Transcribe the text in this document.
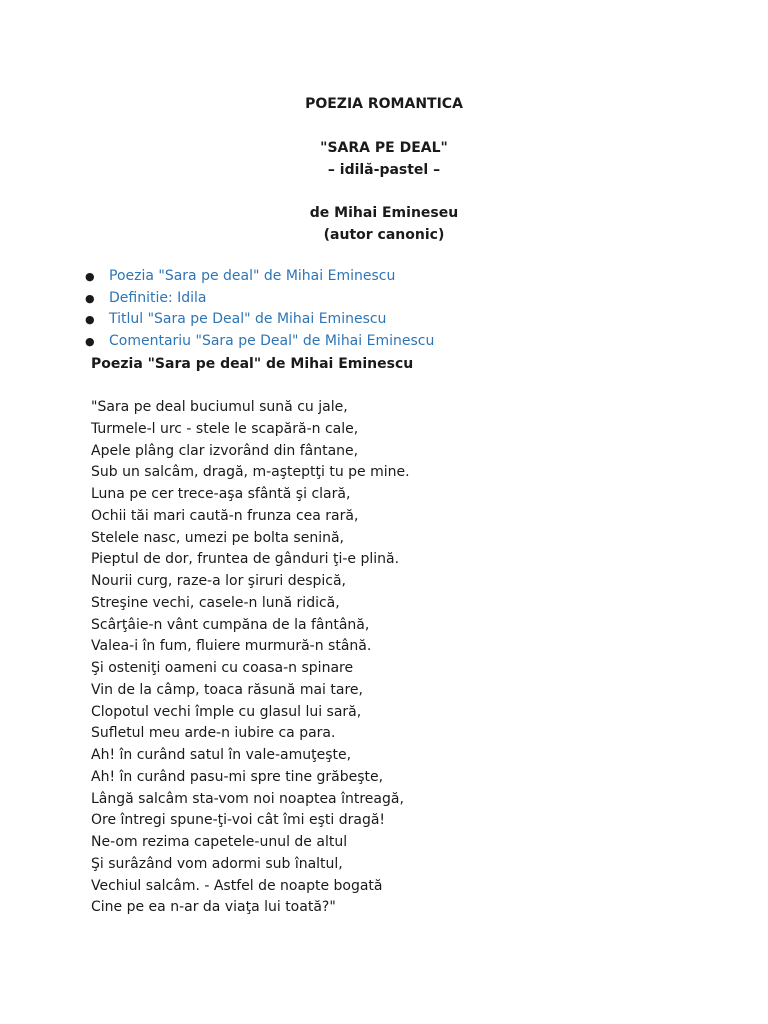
POEZIA ROMANTICA
"SARA PE DEAL"
– idilă-pastel –
de Mihai Emineseu
(autor canonic)
● Poezia "Sara pe deal" de Mihai Eminescu
● Definitie: Idila
● Titlul "Sara pe Deal" de Mihai Eminescu
● Comentariu "Sara pe Deal" de Mihai Eminescu
Poezia "Sara pe deal" de Mihai Eminescu
"Sara pe deal buciumul sună cu jale,
Turmele-l urc - stele le scapără-n cale,
Apele plâng clar izvorând din fântane,
Sub un salcâm, dragă, m-aşteptţi tu pe mine.
Luna pe cer trece-aşa sfântă şi clară,
Ochii tăi mari caută-n frunza cea rară,
Stelele nasc, umezi pe bolta senină,
Pieptul de dor, fruntea de gânduri ţi-e plină.
Nourii curg, raze-a lor şiruri despică,
Streşine vechi, casele-n lună ridică,
Scârţâie-n vânt cumpăna de la fântână,
Valea-i în fum, fluiere murmură-n stână.
Şi osteniţi oameni cu coasa-n spinare
Vin de la câmp, toaca răsună mai tare,
Clopotul vechi împle cu glasul lui sară,
Sufletul meu arde-n iubire ca para.
Ah! în curând satul în vale-amuţeşte,
Ah! în curând pasu-mi spre tine grăbeşte,
Lângă salcâm sta-vom noi noaptea întreagă,
Ore întregi spune-ţi-voi cât îmi eşti dragă!
Ne-om rezima capetele-unul de altul
Şi surâzând vom adormi sub înaltul,
Vechiul salcâm. - Astfel de noapte bogată
Cine pe ea n-ar da viaţa lui toată?"
